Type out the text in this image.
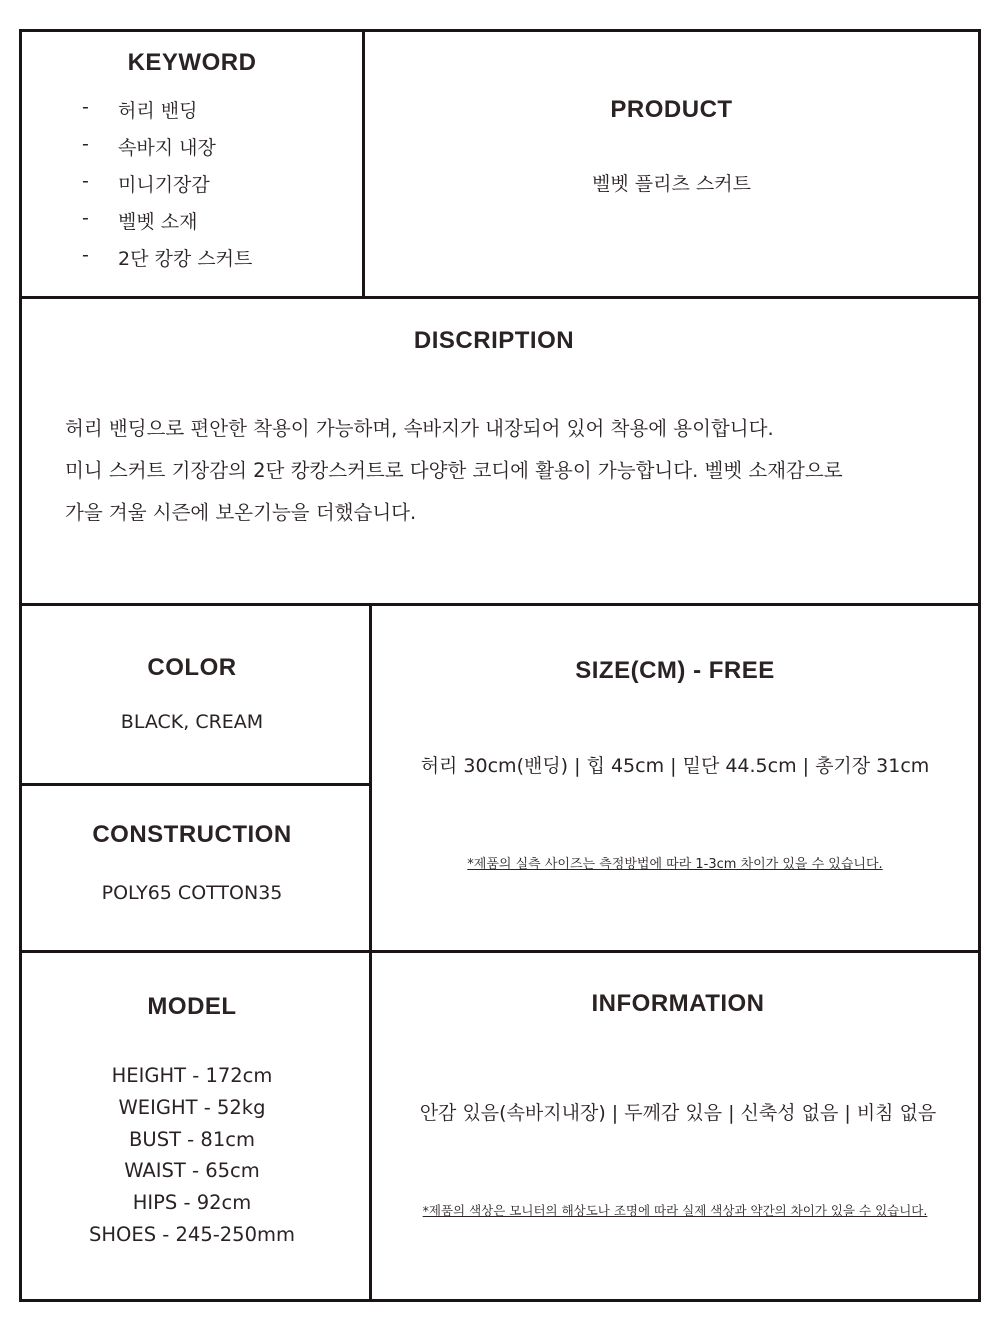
KEYWORD
-	허리 밴딩
-	속바지 내장
-	미니기장감
-	벨벳 소재
-	2단 캉캉 스커트
PRODUCT
벨벳 플리츠 스커트
DISCRIPTION
허리 밴딩으로 편안한 착용이 가능하며, 속바지가 내장되어 있어 착용에 용이합니다.
미니 스커트 기장감의 2단 캉캉스커트로 다양한 코디에 활용이 가능합니다. 벨벳 소재감으로
가을 겨울 시즌에 보온기능을 더했습니다.
COLOR
BLACK, CREAM
CONSTRUCTION
POLY65 COTTON35
SIZE(CM) - FREE
허리 30cm(밴딩) | 힙 45cm | 밑단 44.5cm | 총기장 31cm
*제품의 실측 사이즈는 측정방법에 따라 1-3cm 차이가 있을 수 있습니다.
MODEL
HEIGHT - 172cm
WEIGHT - 52kg
BUST - 81cm
WAIST - 65cm
HIPS - 92cm
SHOES - 245-250mm
INFORMATION
안감 있음(속바지내장) | 두께감 있음 | 신축성 없음 | 비침 없음
*제품의 색상은 모니터의 해상도나 조명에 따라 실제 색상과 약간의 차이가 있을 수 있습니다.
